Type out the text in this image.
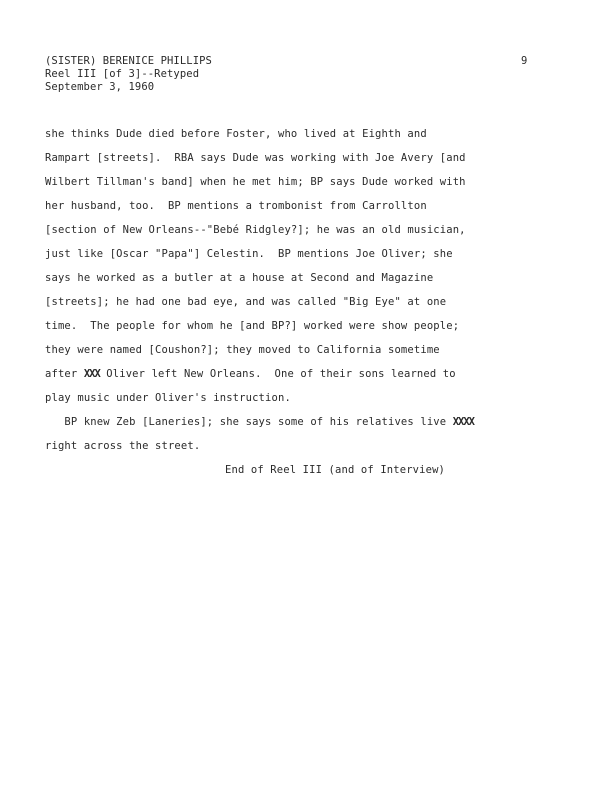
(SISTER) BERENICE PHILLIPS
Reel III [of 3]--Retyped
September 3, 1960
9
she thinks Dude died before Foster, who lived at Eighth and
Rampart [streets].  RBA says Dude was working with Joe Avery [and
Wilbert Tillman's band] when he met him; BP says Dude worked with
her husband, too.  BP mentions a trombonist from Carrollton
[section of New Orleans--"Bebé Ridgley?]; he was an old musician,
just like [Oscar "Papa"] Celestin.  BP mentions Joe Oliver; she
says he worked as a butler at a house at Second and Magazine
[streets]; he had one bad eye, and was called "Big Eye" at one
time.  The people for whom he [and BP?] worked were show people;
they were named [Coushon?]; they moved to California sometime
after XXX Oliver left New Orleans.  One of their sons learned to
play music under Oliver's instruction.
BP knew Zeb [Laneries]; she says some of his relatives live XXXX
right across the street.
End of Reel III (and of Interview)
